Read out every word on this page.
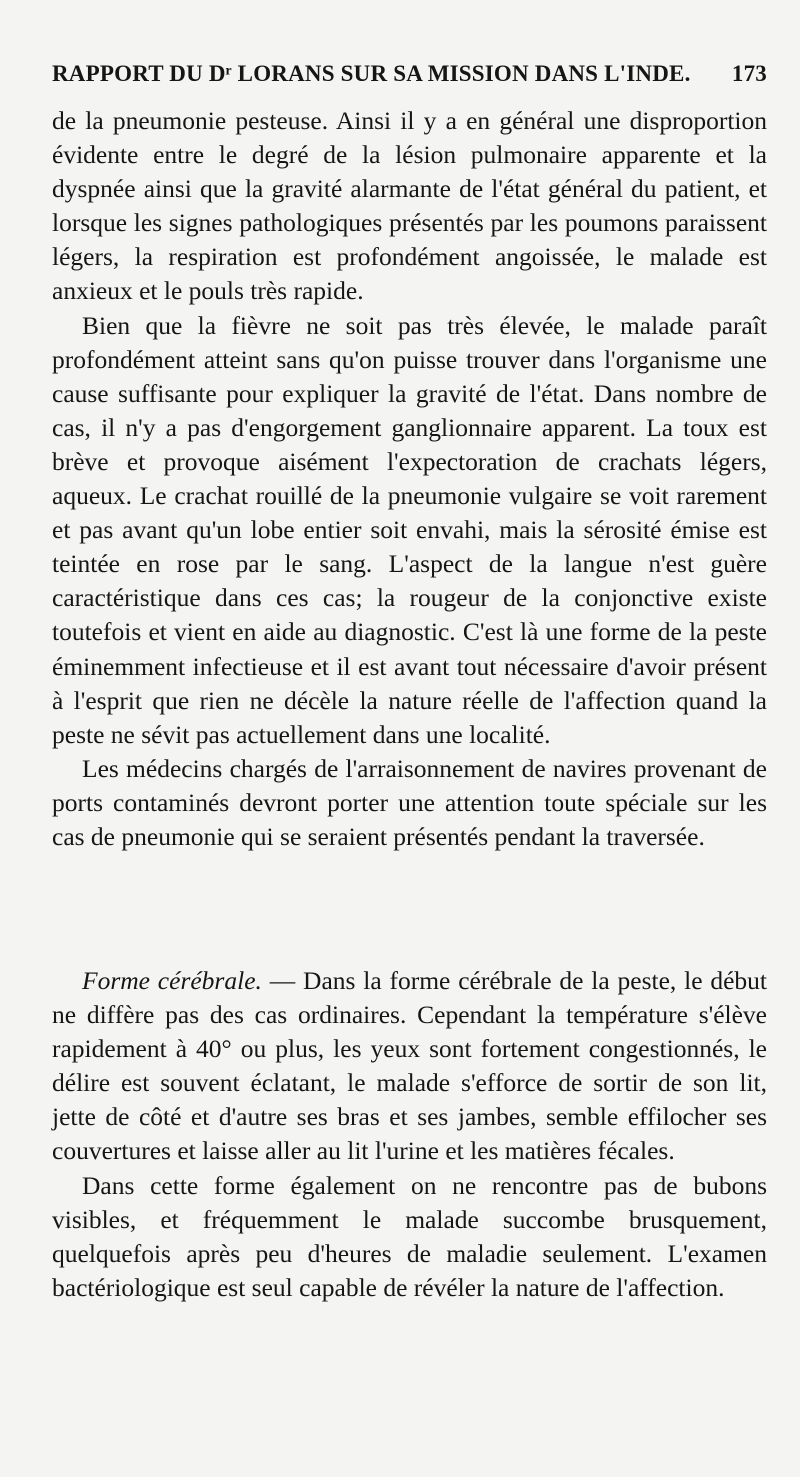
RAPPORT DU Dʳ LORANS SUR SA MISSION DANS L'INDE. 173

de la pneumonie pesteuse. Ainsi il y a en général une disproportion évidente entre le degré de la lésion pulmonaire apparente et la dyspnée ainsi que la gravité alarmante de l'état général du patient, et lorsque les signes pathologiques présentés par les poumons paraissent légers, la respiration est profondément angoissée, le malade est anxieux et le pouls très rapide.

Bien que la fièvre ne soit pas très élevée, le malade paraît profondément atteint sans qu'on puisse trouver dans l'organisme une cause suffisante pour expliquer la gravité de l'état. Dans nombre de cas, il n'y a pas d'engorgement ganglionnaire apparent. La toux est brève et provoque aisément l'expectoration de crachats légers, aqueux. Le crachat rouillé de la pneumonie vulgaire se voit rarement et pas avant qu'un lobe entier soit envahi, mais la sérosité émise est teintée en rose par le sang. L'aspect de la langue n'est guère caractéristique dans ces cas; la rougeur de la conjonctive existe toutefois et vient en aide au diagnostic. C'est là une forme de la peste éminemment infectieuse et il est avant tout nécessaire d'avoir présent à l'esprit que rien ne décèle la nature réelle de l'affection quand la peste ne sévit pas actuellement dans une localité.

Les médecins chargés de l'arraisonnement de navires provenant de ports contaminés devront porter une attention toute spéciale sur les cas de pneumonie qui se seraient présentés pendant la traversée.

Forme cérébrale. — Dans la forme cérébrale de la peste, le début ne diffère pas des cas ordinaires. Cependant la température s'élève rapidement à 40° ou plus, les yeux sont fortement congestionnés, le délire est souvent éclatant, le malade s'efforce de sortir de son lit, jette de côté et d'autre ses bras et ses jambes, semble effilocher ses couvertures et laisse aller au lit l'urine et les matières fécales.

Dans cette forme également on ne rencontre pas de bubons visibles, et fréquemment le malade succombe brusquement, quelquefois après peu d'heures de maladie seulement. L'examen bactériologique est seul capable de révéler la nature de l'affection.
